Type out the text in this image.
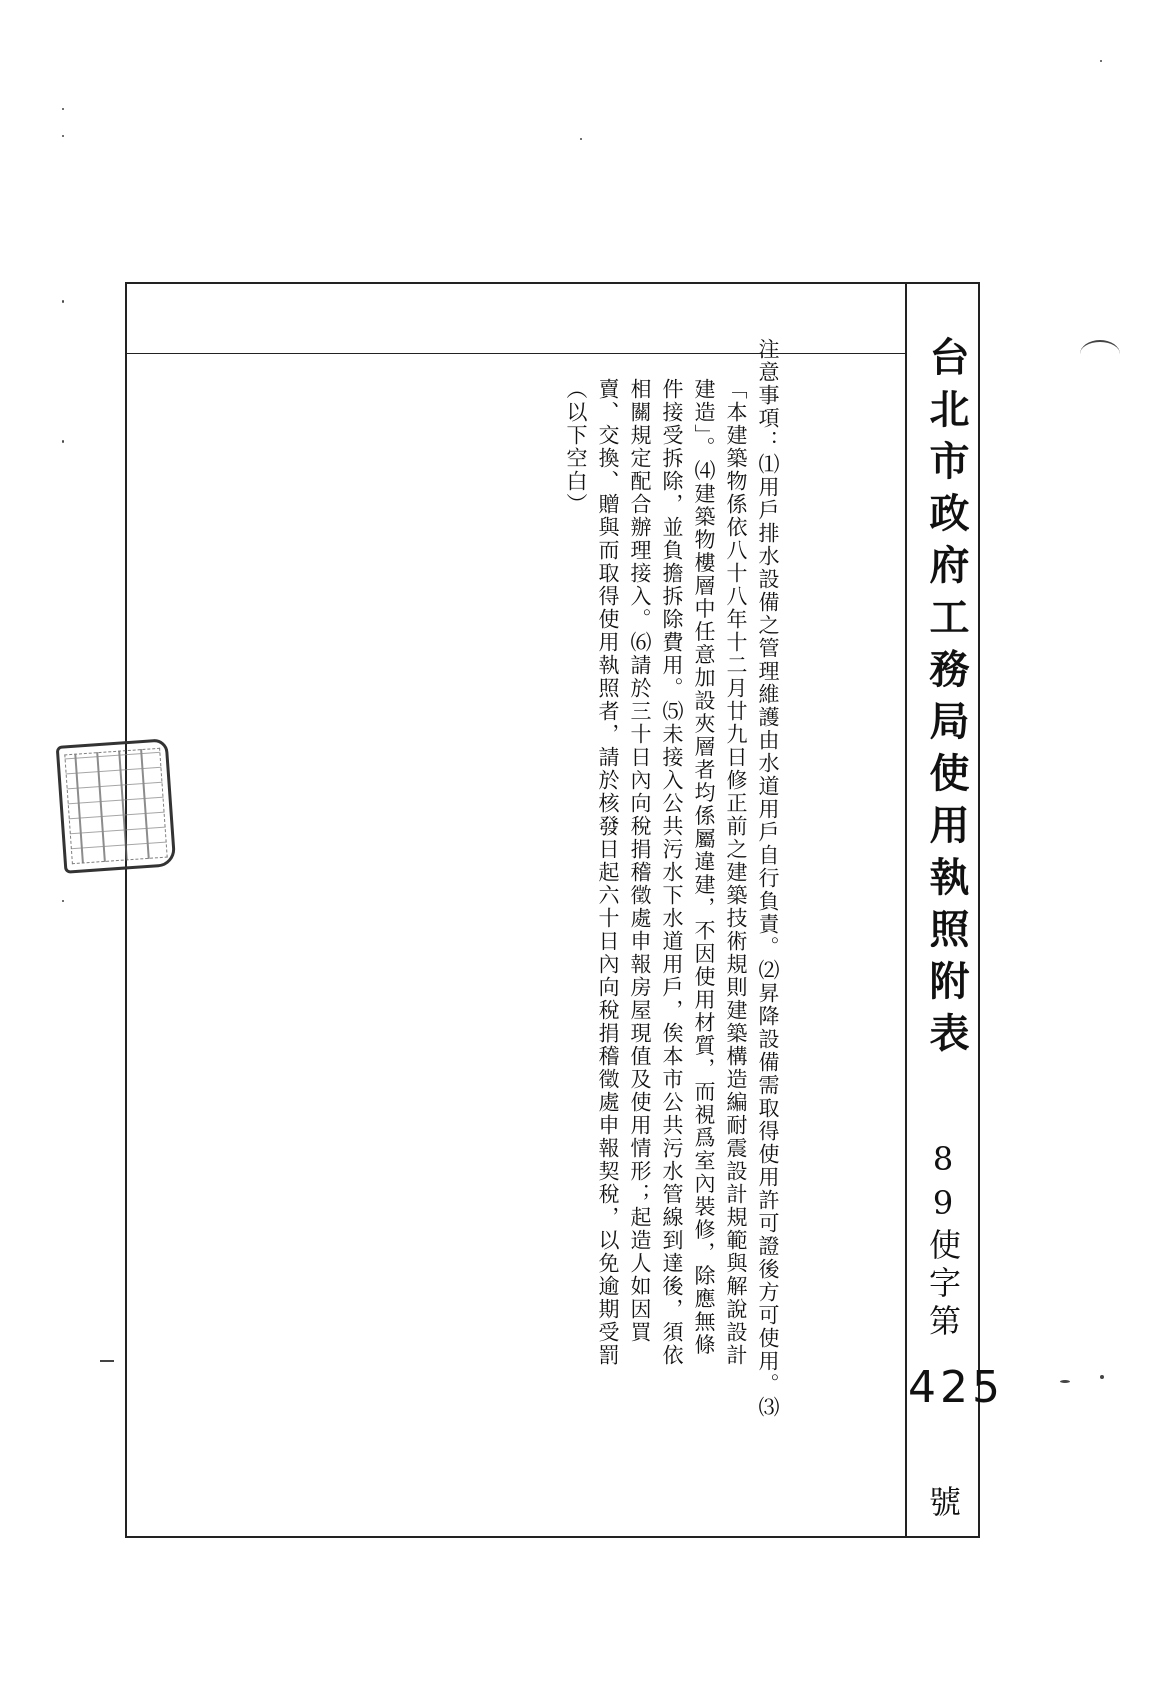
台北市政府工務局使用執照附表
89使字第
425
號
注意事項：⑴用戶排水設備之管理維護由水道用戶自行負責。⑵昇降設備需取得使用許可證後方可使用。⑶
「本建築物係依八十八年十二月廿九日修正前之建築技術規則建築構造編耐震設計規範與解說設計
建造」。⑷建築物樓層中任意加設夾層者均係屬違建，不因使用材質，而視爲室內裝修，除應無條
件接受拆除，並負擔拆除費用。⑸未接入公共污水下水道用戶，俟本市公共污水管線到達後，須依
相關規定配合辦理接入。⑹請於三十日內向稅捐稽徵處申報房屋現值及使用情形；起造人如因買
賣、交換、贈與而取得使用執照者，請於核發日起六十日內向稅捐稽徵處申報契稅，以免逾期受罰
（以下空白）
